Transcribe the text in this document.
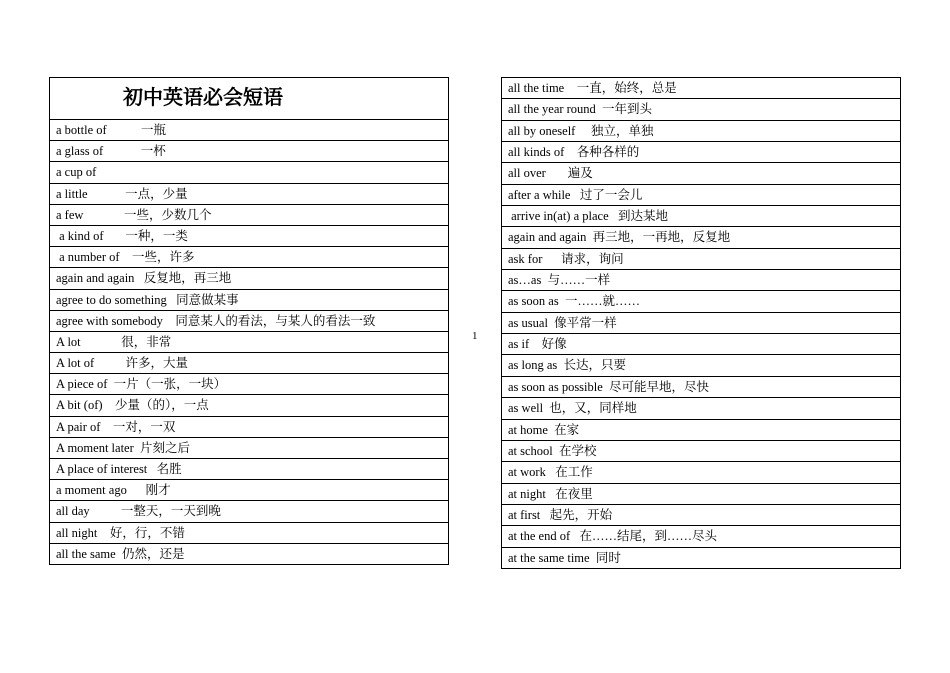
初中英语必会短语
a bottle of           一瓶
a glass of            一杯
a cup of
a little            一点，少量
a few             一些，少数几个
a kind of       一种，一类
a number of    一些，许多
again and again   反复地，再三地
agree to do something   同意做某事
agree with somebody    同意某人的看法，与某人的看法一致
A lot             很，非常
A lot of          许多，大量
A piece of  一片（一张，一块）
A bit (of)    少量（的），一点
A pair of    一对，一双
A moment later  片刻之后
A place of interest   名胜
a moment ago      刚才
all day          一整天，一天到晚
all night    好，行，不错
all the same  仍然，还是
1
all the time    一直，始终，总是
all the year round  一年到头
all by oneself     独立，单独
all kinds of    各种各样的
all over       遍及
after a while   过了一会儿
arrive in(at) a place   到达某地
again and again  再三地，一再地，反复地
ask for      请求，询问
as…as  与……一样
as soon as  一……就……
as usual  像平常一样
as if    好像
as long as  长达，只要
as soon as possible  尽可能早地，尽快
as well  也，又，同样地
at home  在家
at school  在学校
at work   在工作
at night   在夜里
at first   起先，开始
at the end of   在……结尾，到……尽头
at the same time  同时
